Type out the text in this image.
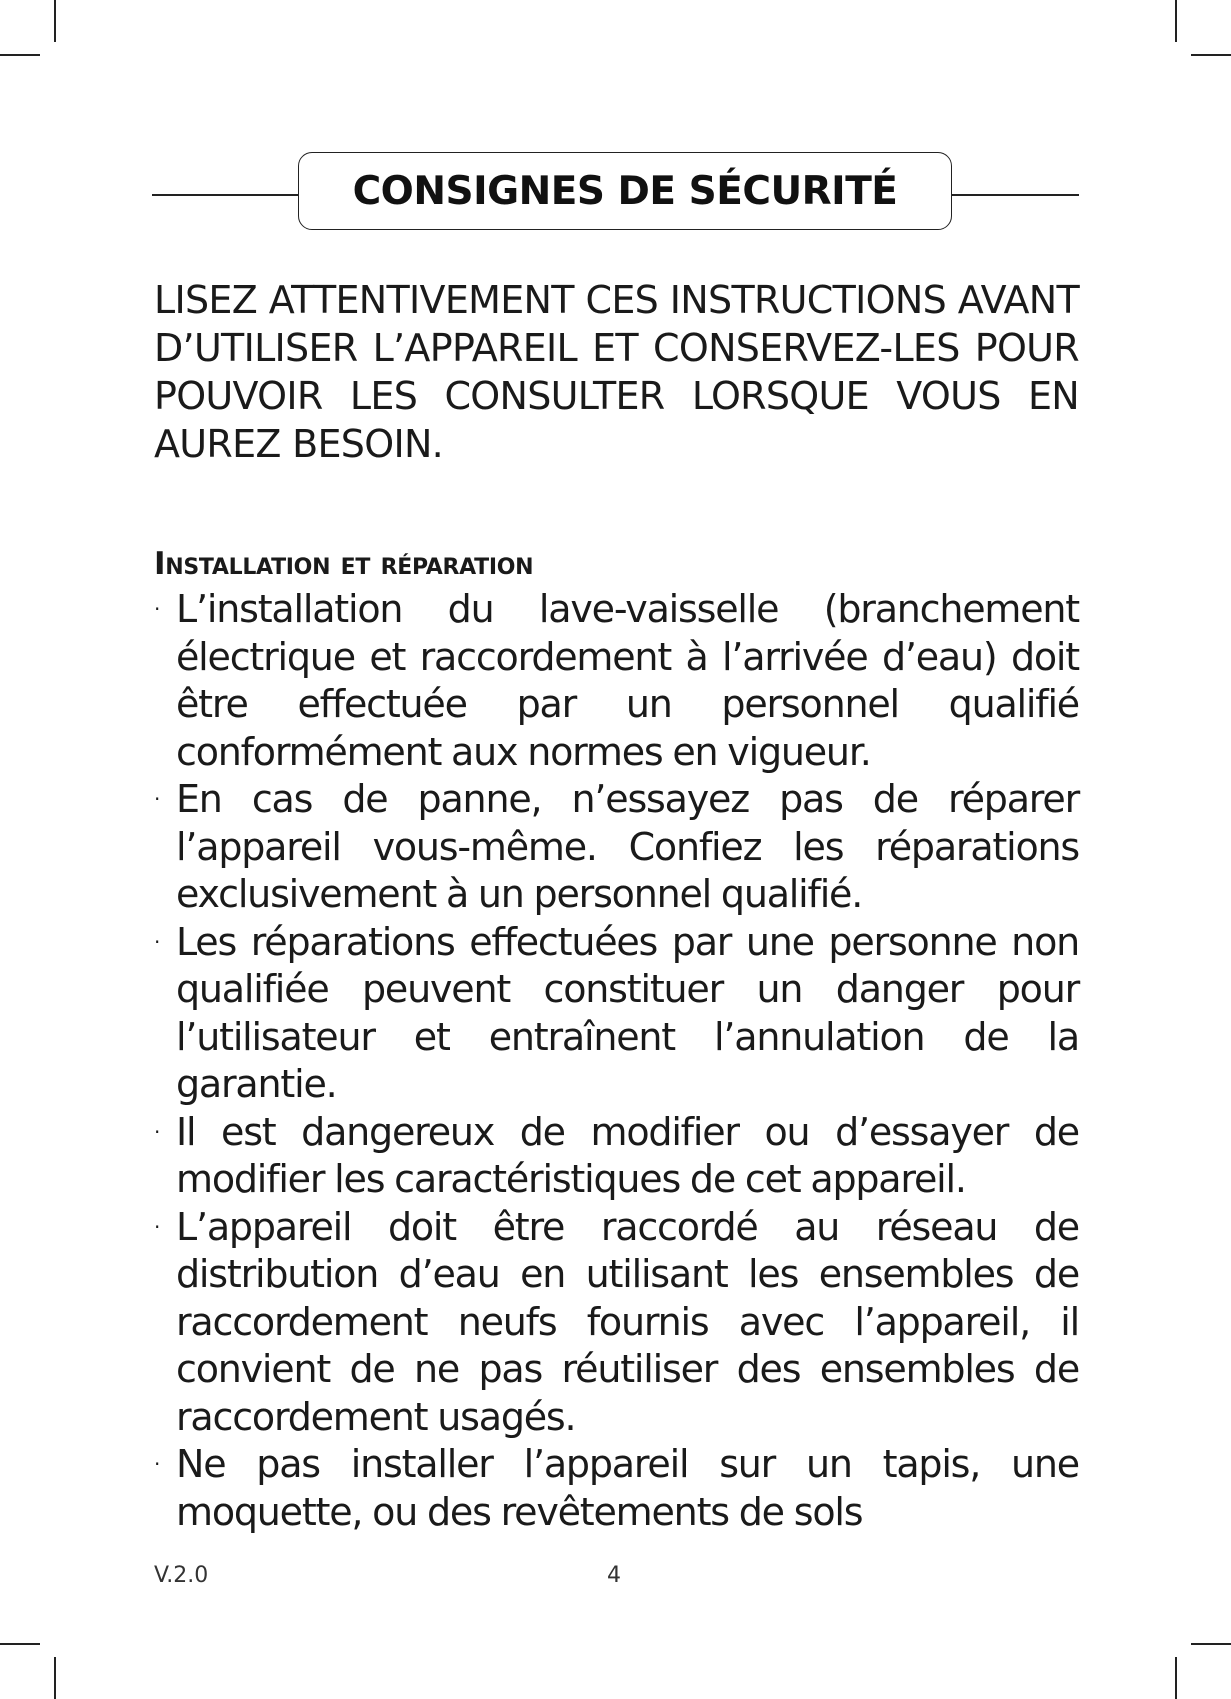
CONSIGNES DE SÉCURITÉ
LISEZ ATTENTIVEMENT CES INSTRUCTIONS AVANT D’UTILISER L’APPAREIL ET CONSERVEZ-LES POUR POUVOIR LES CONSULTER LORSQUE VOUS EN AUREZ BESOIN.
Installation et réparation
· L’installation du lave-vaisselle (branchement électrique et raccordement à l’arrivée d’eau) doit être effectuée par un personnel qualifié conformément aux normes en vigueur.
· En cas de panne, n’essayez pas de réparer l’appareil vous-même. Confiez les réparations exclusivement à un personnel qualifié.
· Les réparations effectuées par une personne non qualifiée peuvent constituer un danger pour l’utilisateur et entraînent l’annulation de la garantie.
· Il est dangereux de modifier ou d’essayer de modifier les caractéristiques de cet appareil.
· L’appareil doit être raccordé au réseau de distribution d’eau en utilisant les ensembles de raccordement neufs fournis avec l’appareil, il convient de ne pas réutiliser des ensembles de raccordement usagés.
· Ne pas installer l’appareil sur un tapis, une moquette, ou des revêtements de sols
V.2.0	4
